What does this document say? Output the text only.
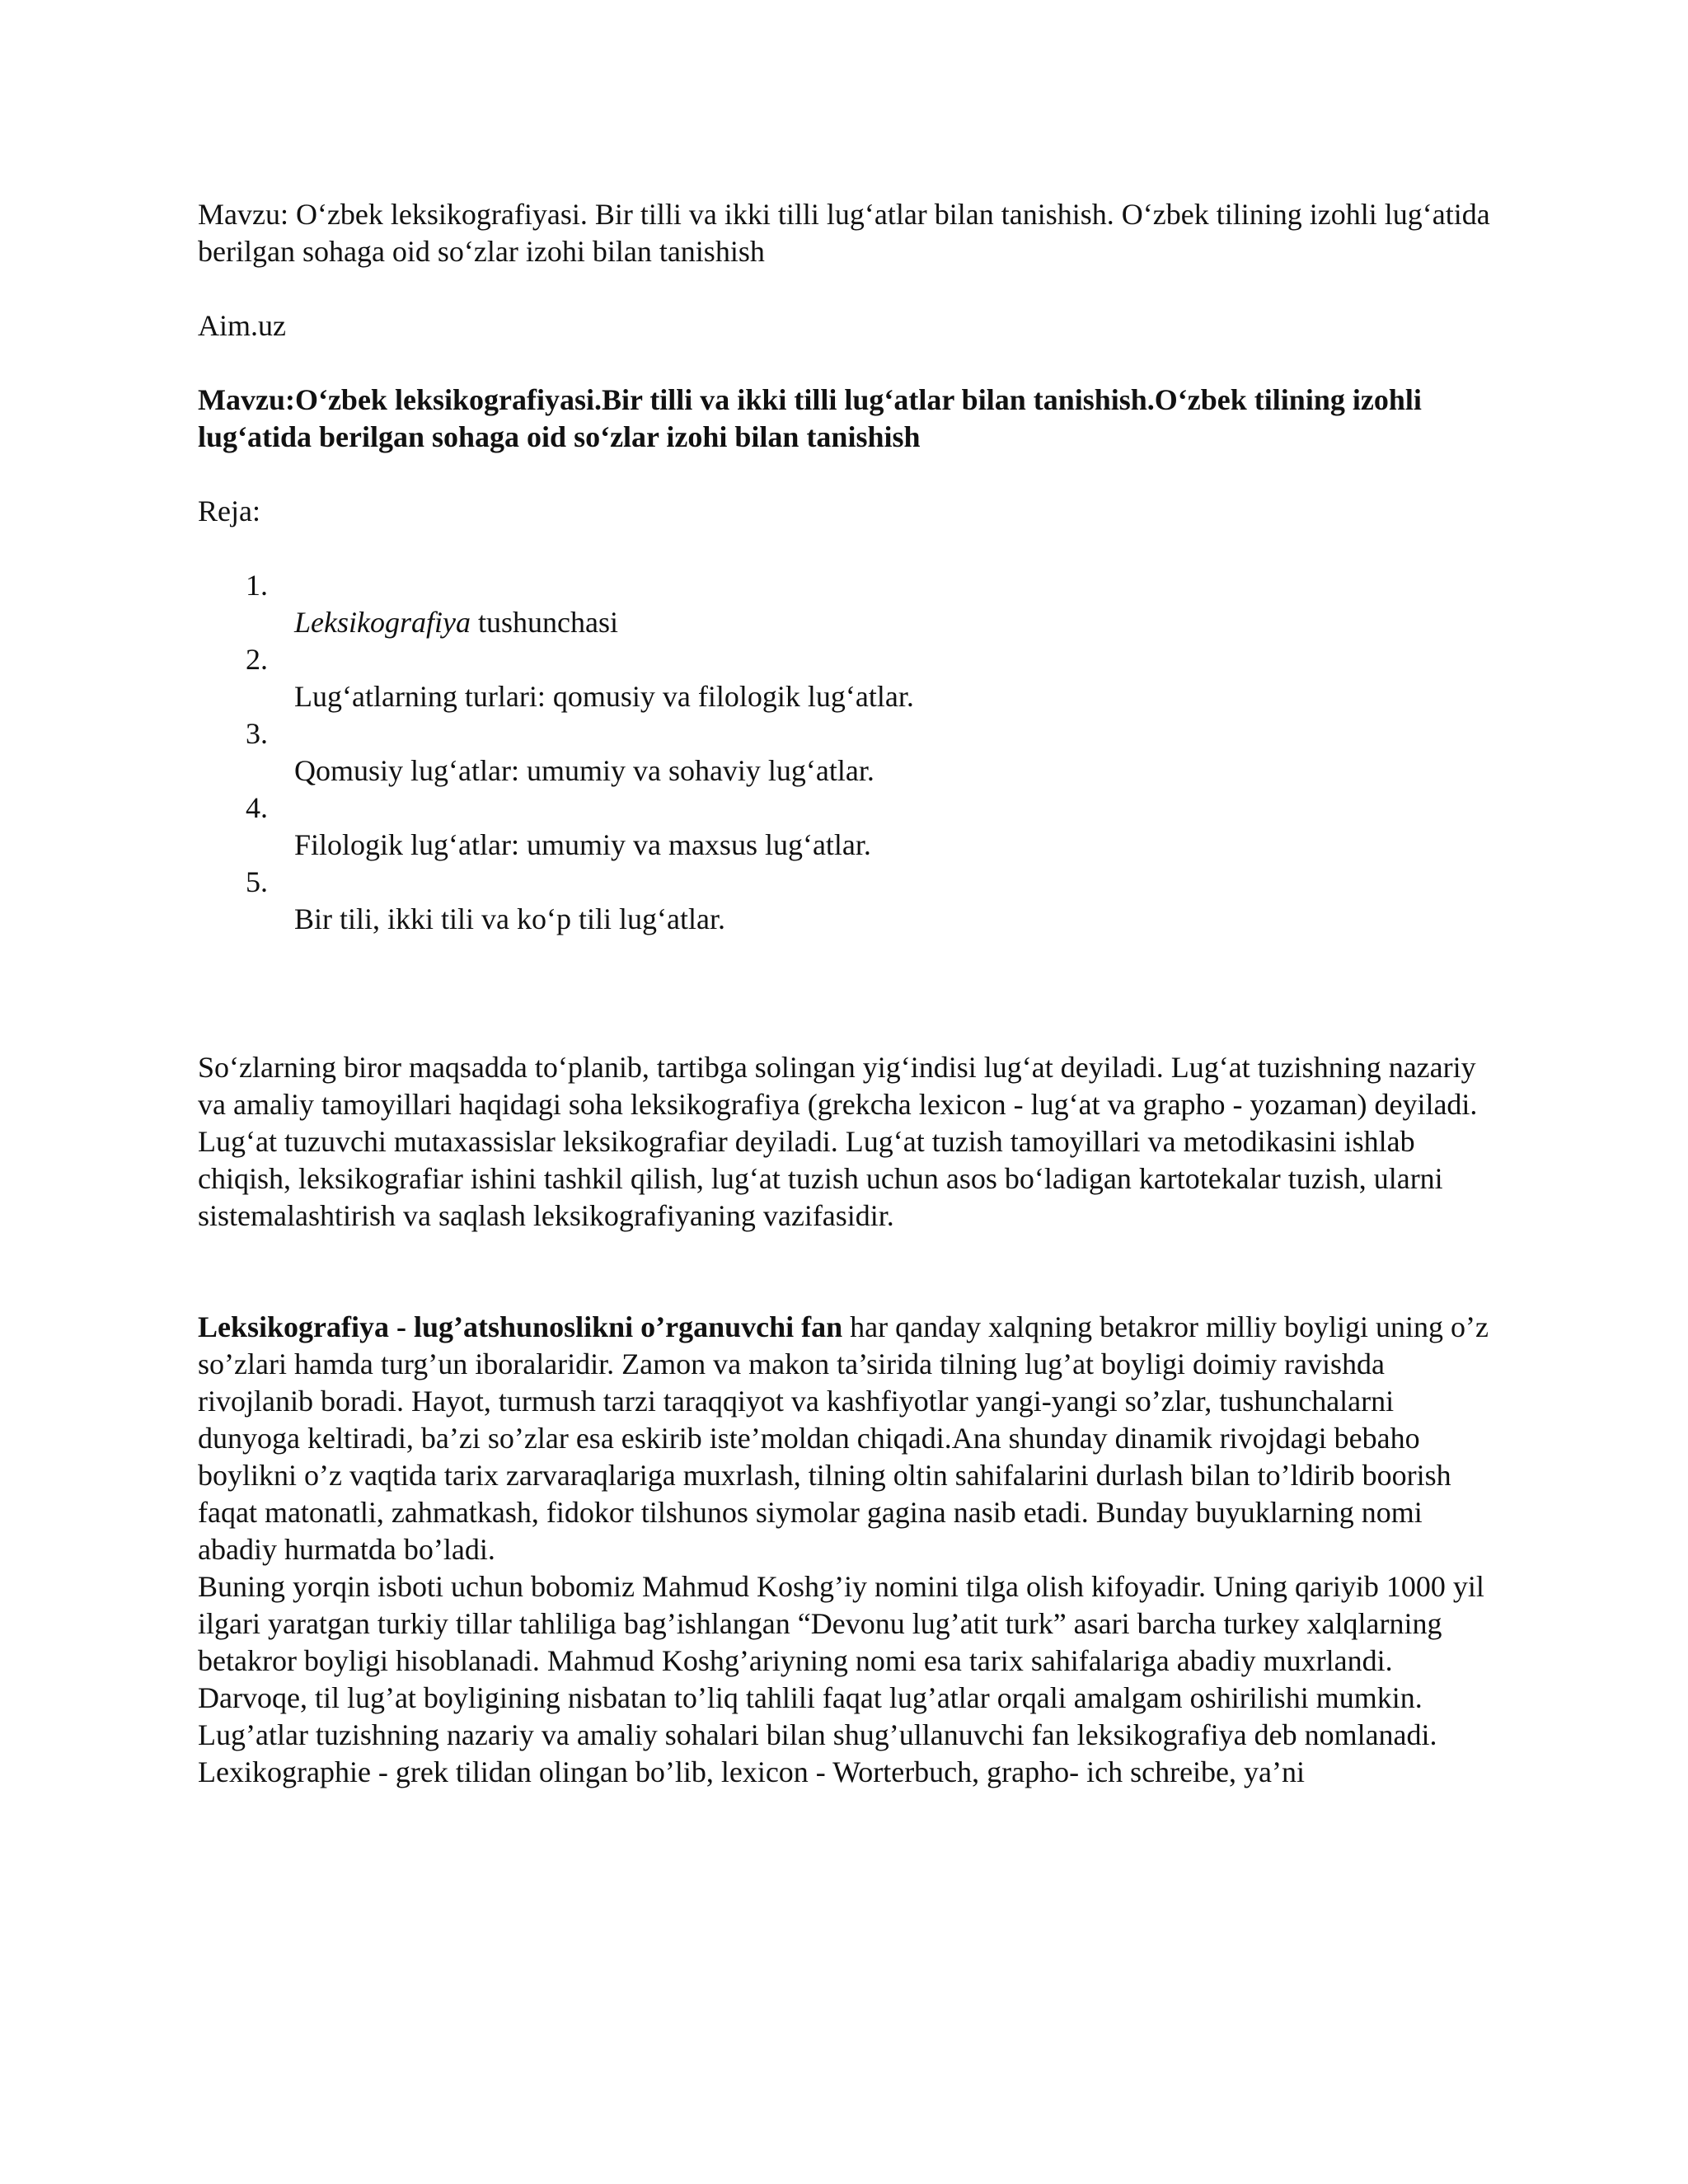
Mavzu: O‘zbek leksikografiyasi. Bir tilli va ikki tilli lug‘atlar bilan tanishish. O‘zbek tilining izohli lug‘atida berilgan sohaga oid so‘zlar izohi bilan tanishish

Aim.uz

Mavzu:O‘zbek leksikografiyasi.Bir tilli va ikki tilli lug‘atlar bilan tanishish.O‘zbek tilining izohli lug‘atida berilgan sohaga oid so‘zlar izohi bilan tanishish

Reja:

1.
Leksikografiya tushunchasi
2.
Lug‘atlarning turlari: qomusiy va filologik lug‘atlar.
3.
Qomusiy lug‘atlar: umumiy va sohaviy lug‘atlar.
4.
Filologik lug‘atlar: umumiy va maxsus lug‘atlar.
5.
Bir tili, ikki tili va ko‘p tili lug‘atlar.

So‘zlarning biror maqsadda to‘planib, tartibga solingan yig‘indisi lug‘at deyiladi. Lug‘at tuzishning nazariy va amaliy tamoyillari haqidagi soha leksikografiya (grekcha lexicon - lug‘at va grapho - yozaman) deyiladi. Lug‘at tuzuvchi mutaxassislar leksikografiar deyiladi. Lug‘at tuzish tamoyillari va metodikasini ishlab chiqish, leksikografiar ishini tashkil qilish, lug‘at tuzish uchun asos bo‘ladigan kartotekalar tuzish, ularni sistemalashtirish va saqlash leksikografiyaning vazifasidir.

Leksikografiya - lug’atshunoslikni o’rganuvchi fan har qanday xalqning betakror milliy boyligi uning o’z so’zlari hamda turg’un iboralaridir. Zamon va makon ta’sirida tilning lug’at boyligi doimiy ravishda rivojlanib boradi. Hayot, turmush tarzi taraqqiyot va kashfiyotlar yangi-yangi so’zlar, tushunchalarni dunyoga keltiradi, ba’zi so’zlar esa eskirib iste’moldan chiqadi.Ana shunday dinamik rivojdagi bebaho boylikni o’z vaqtida tarix zarvaraqlariga muxrlash, tilning oltin sahifalarini durlash bilan to’ldirib boorish faqat matonatli, zahmatkash, fidokor tilshunos siymolar gagina nasib etadi. Bunday buyuklarning nomi abadiy hurmatda bo’ladi.

Buning yorqin isboti uchun bobomiz Mahmud Koshg’iy nomini tilga olish kifoyadir. Uning qariyib 1000 yil ilgari yaratgan turkiy tillar tahliliga bag’ishlangan “Devonu lug’atit turk” asari barcha turkey xalqlarning betakror boyligi hisoblanadi. Mahmud Koshg’ariyning nomi esa tarix sahifalariga abadiy muxrlandi.

Darvoqe, til lug’at boyligining nisbatan to’liq tahlili faqat lug’atlar orqali amalgam oshirilishi mumkin. Lug’atlar tuzishning nazariy va amaliy sohalari bilan shug’ullanuvchi fan leksikografiya deb nomlanadi.

Lexikographie - grek tilidan olingan bo’lib, lexicon - Worterbuch, grapho- ich schreibe, ya’ni
